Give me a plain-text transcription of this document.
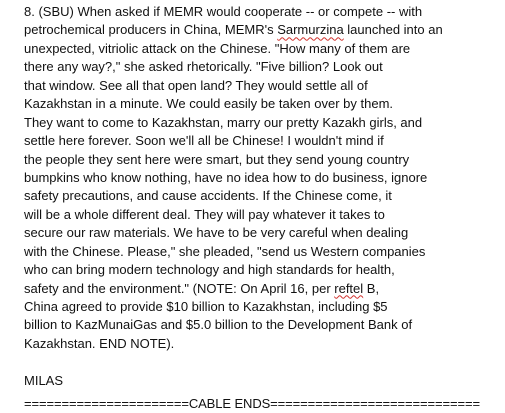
8. (SBU) When asked if MEMR would cooperate -- or compete -- with
petrochemical producers in China, MEMR's Sarmurzina launched into an
unexpected, vitriolic attack on the Chinese. "How many of them are
there any way?," she asked rhetorically. "Five billion? Look out
that window. See all that open land? They would settle all of
Kazakhstan in a minute. We could easily be taken over by them.
They want to come to Kazakhstan, marry our pretty Kazakh girls, and
settle here forever. Soon we'll all be Chinese! I wouldn't mind if
the people they sent here were smart, but they send young country
bumpkins who know nothing, have no idea how to do business, ignore
safety precautions, and cause accidents. If the Chinese come, it
will be a whole different deal. They will pay whatever it takes to
secure our raw materials. We have to be very careful when dealing
with the Chinese. Please," she pleaded, "send us Western companies
who can bring modern technology and high standards for health,
safety and the environment." (NOTE: On April 16, per reftel B,
China agreed to provide $10 billion to Kazakhstan, including $5
billion to KazMunaiGas and $5.0 billion to the Development Bank of
Kazakhstan. END NOTE).
MILAS
======================CABLE ENDS============================
